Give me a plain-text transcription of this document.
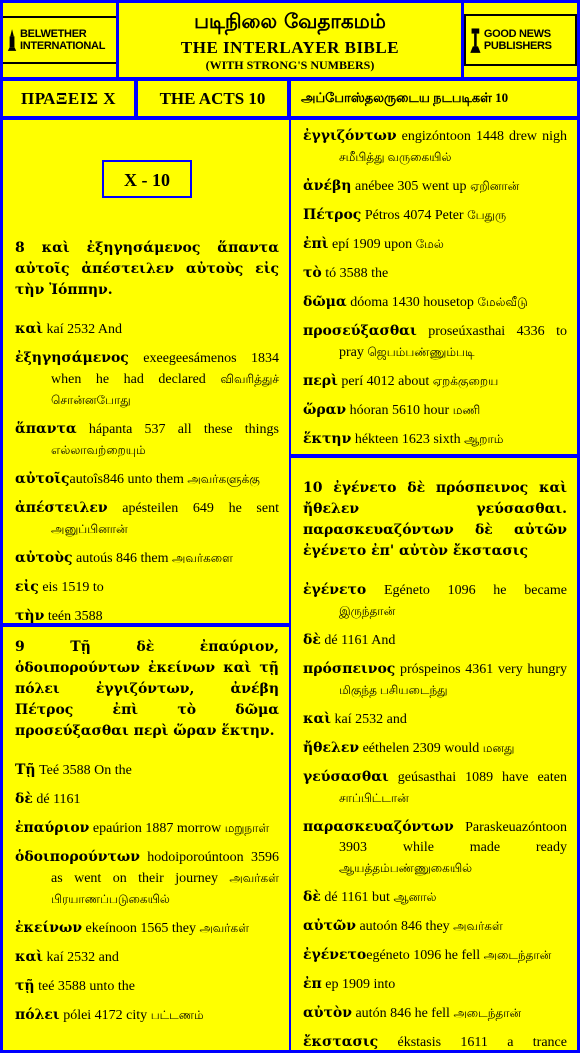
BELWETHER INTERNATIONAL
படிநிலை வேதாகமம்
THE INTERLAYER BIBLE
(WITH STRONG'S NUMBERS)
GOOD NEWS PUBLISHERS
ΠΡΑΞΕΙΣ X	THE ACTS 10	அப்போஸ்தலருடைய நடபடிகள் 10
X - 10
8 καὶ ἐξηγησάμενος ἅπαντα αὐτοῖς ἀπέστειλεν αὐτοὺς εἰς τὴν Ἰόππην.
καὶ kaí 2532 And
ἐξηγησάμενος exeegeesámenos 1834 when he had declared விவரித்துச் சொன்னபோது
ἅπαντα hápanta 537 all these things எல்லாவற்றையும்
αὐτοῖςautoîs846 unto them அவர்களுக்கு
ἀπέστειλεν apésteilen 649 he sent அனுப்பினான்
αὐτοὺς autoús 846 them அவர்களை
εἰς eis 1519 to
τὴν teén 3588
9 Τῇ δὲ ἐπαύριον, ὁδοιπορούντων ἐκείνων καὶ τῇ πόλει ἐγγιζόντων, ἀνέβη Πέτρος ἐπὶ τὸ δῶμα προσεύξασθαι περὶ ὥραν ἕκτην.
Τῇ Teé 3588 On the
δὲ dé 1161
ἐπαύριον epaúrion 1887 morrow மறுநாள்
ὁδοιπορούντων hodoiporoúntoon 3596 as went on their journey அவர்கள் பிரயாணப்படுகையில்
ἐκείνων ekeínoon 1565 they அவர்கள்
καὶ kaí 2532 and
τῇ teé 3588 unto the
πόλει pólei 4172 city பட்டணம்
ἐγγιζόντων engizóntoon 1448 drew nigh சமீபித்து வருகையில்
ἀνέβη anébee 305 went up ஏறினான்
Πέτρος Pétros 4074 Peter பேதுரு
ἐπὶ epí 1909 upon மேல்
τὸ tó 3588 the
δῶμα dóoma 1430 housetop மேல்வீடு
προσεύξασθαι proseúxasthai 4336 to pray ஜெபம்பண்ணும்படி
περὶ perí 4012 about ஏறக்குறைய
ὥραν hóoran 5610 hour மணி
ἕκτην hékteen 1623 sixth ஆறாம்
10 ἐγένετο δὲ πρόσπεινος καὶ ἤθελεν γεύσασθαι. παρασκευαζόντων δὲ αὐτῶν ἐγένετο ἐπ' αὐτὸν ἔκστασις
ἐγένετο Egéneto 1096 he became இருந்தான்
δὲ dé 1161 And
πρόσπεινος próspeinos 4361 very hungry மிகுந்த பசியடைந்து
καὶ kaí 2532 and
ἤθελεν eéthelen 2309 would மனது
γεύσασθαι geúsasthai 1089 have eaten சாப்பிட்டான்
παρασκευαζόντων Paraskeuazóntoon 3903 while made ready ஆயத்தம்பண்ணுகையில்
δὲ dé 1161 but ஆனால்
αὐτῶν autoón 846 they அவர்கள்
ἐγένετοegéneto 1096 he fell அடைந்தான்
ἐπ ep 1909 into
αὐτὸν autón 846 he fell அடைந்தான்
ἔκστασις ékstasis 1611 a trance
